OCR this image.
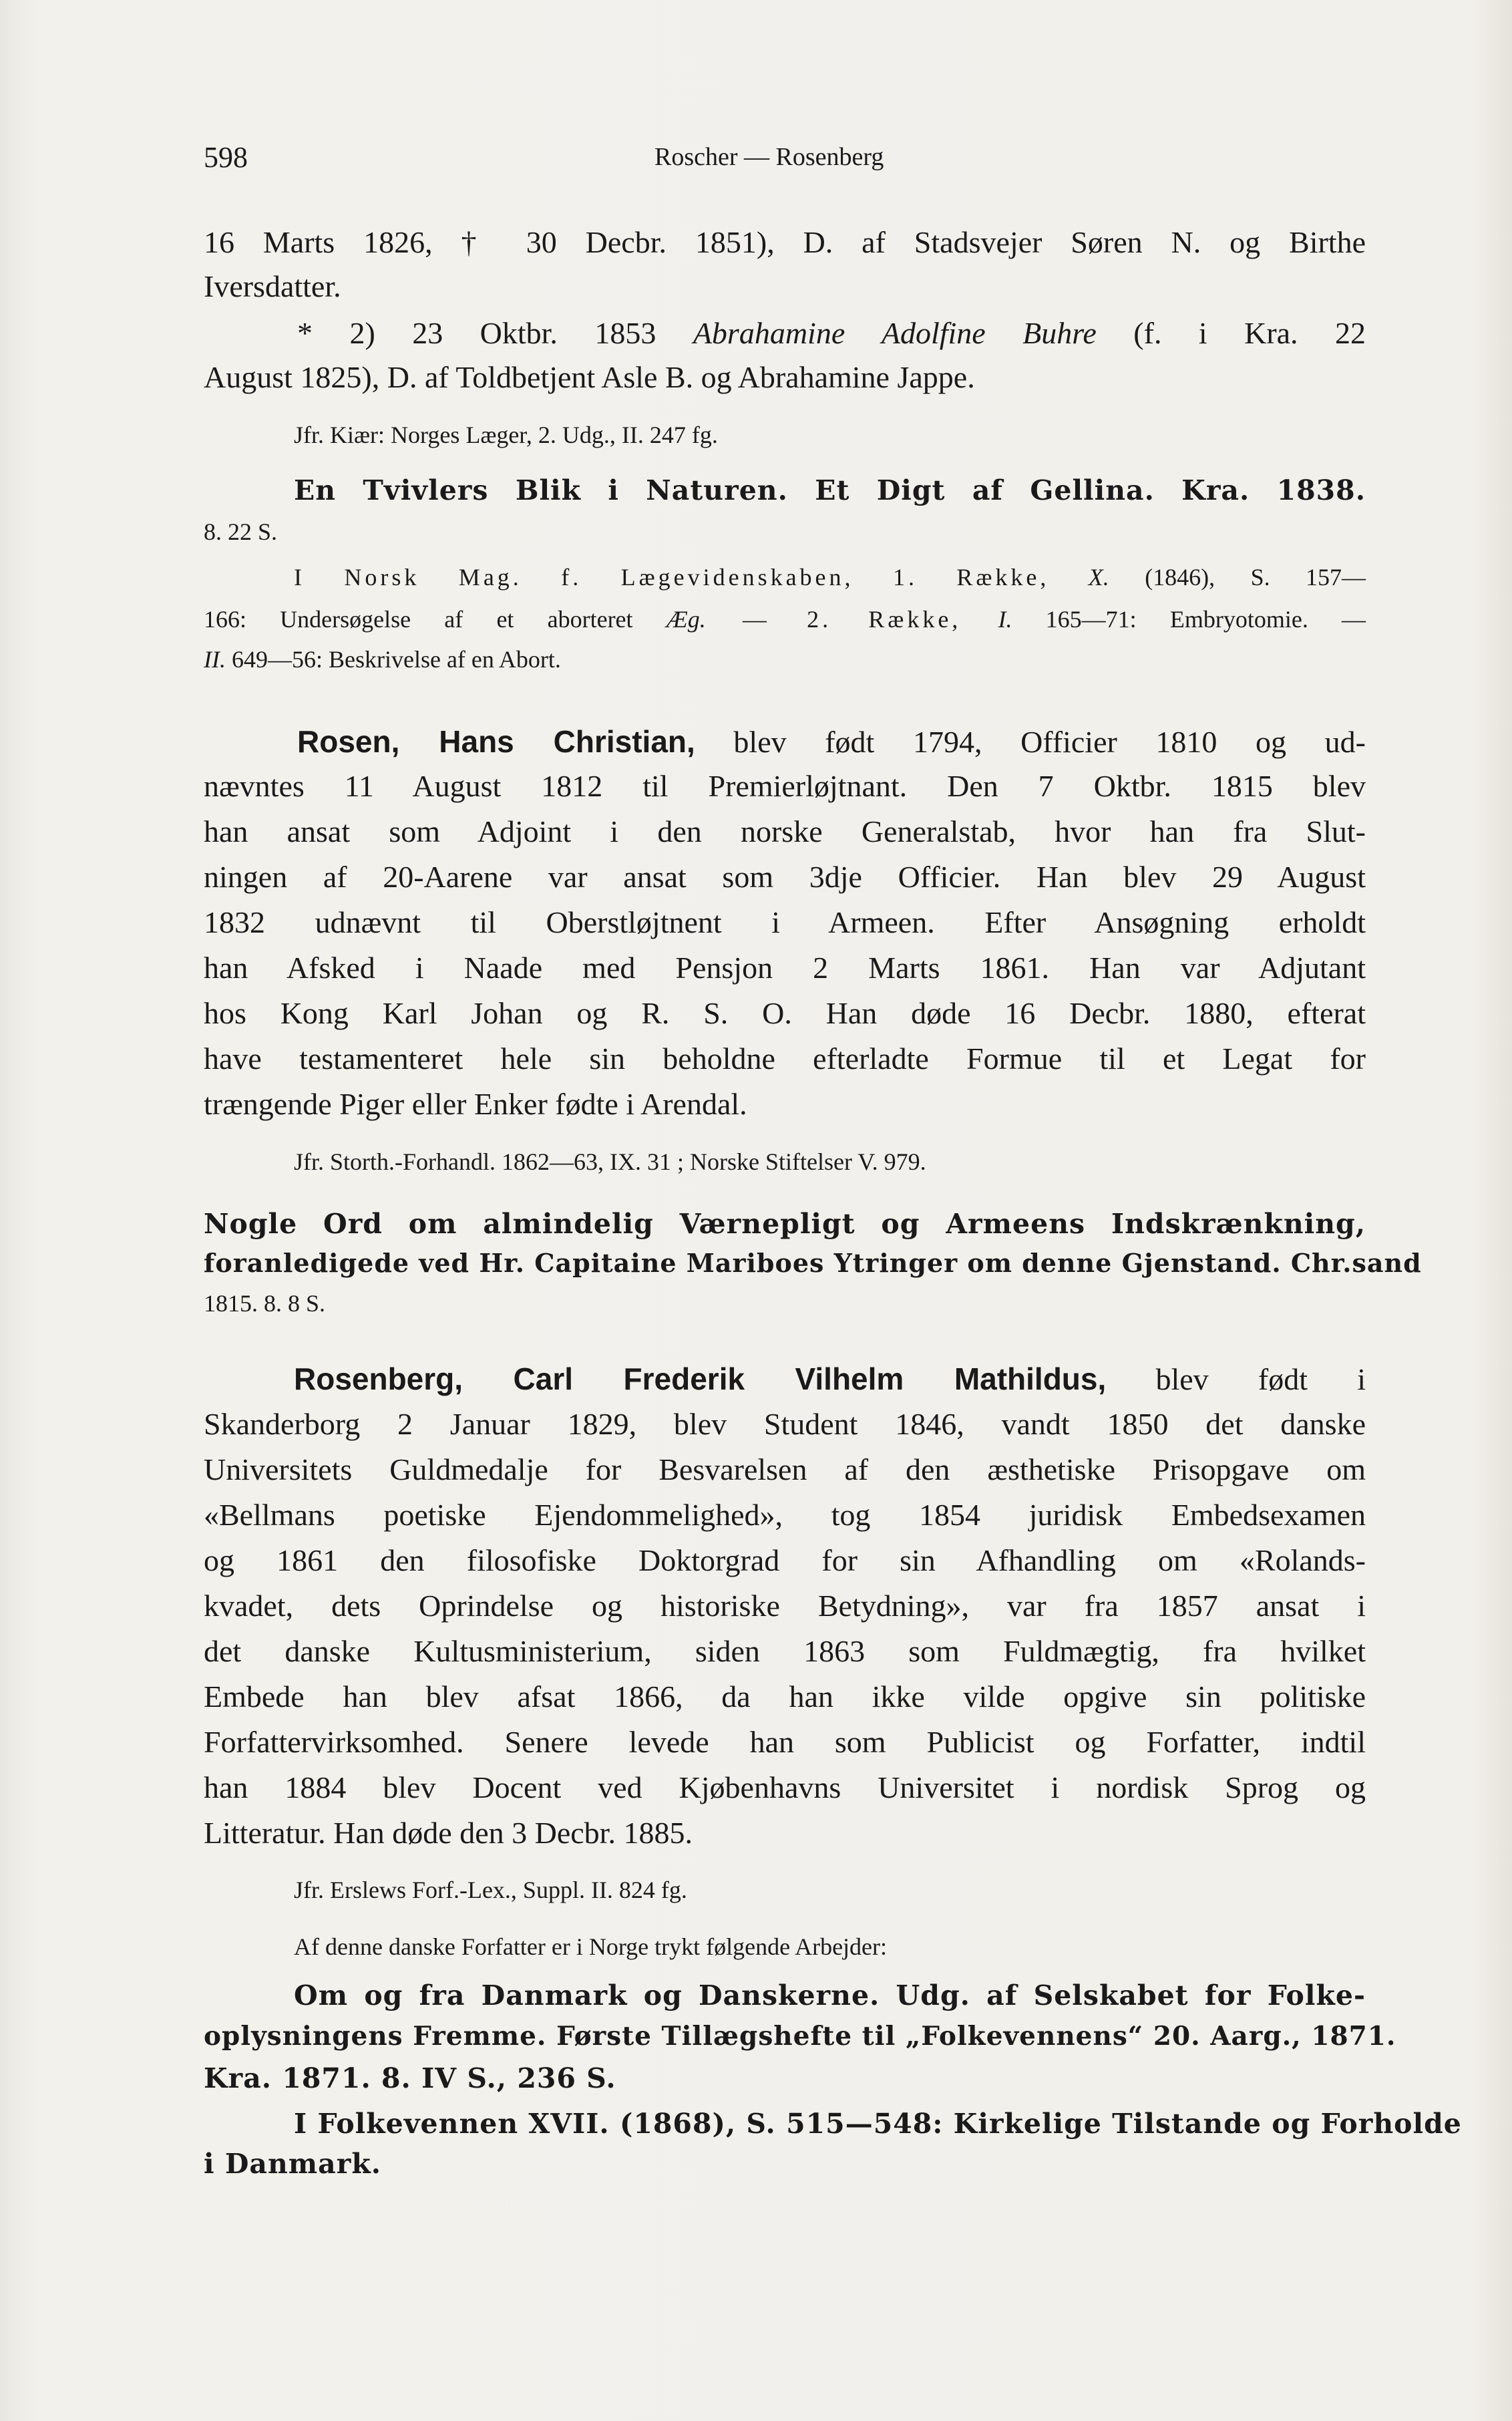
598	Roscher — Rosenberg
16 Marts 1826, † 30 Decbr. 1851), D. af Stadsvejer Søren N. og Birthe
Iversdatter.
* 2) 23 Oktbr. 1853 Abrahamine Adolfine Buhre (f. i Kra. 22
August 1825), D. af Toldbetjent Asle B. og Abrahamine Jappe.
Jfr. Kiær: Norges Læger, 2. Udg., II. 247 fg.
En Tvivlers Blik i Naturen. Et Digt af Gellina. Kra. 1838.
8. 22 S.
I Norsk Mag. f. Lægevidenskaben, 1. Række, X. (1846), S. 157—
166: Undersøgelse af et aborteret Æg. — 2. Række, I. 165—71: Embryotomie. —
II. 649—56: Beskrivelse af en Abort.
Rosen, Hans Christian, blev født 1794, Officier 1810 og ud-
nævntes 11 August 1812 til Premierløjtnant. Den 7 Oktbr. 1815 blev
han ansat som Adjoint i den norske Generalstab, hvor han fra Slut-
ningen af 20-Aarene var ansat som 3dje Officier. Han blev 29 August
1832 udnævnt til Oberstløjtnent i Armeen. Efter Ansøgning erholdt
han Afsked i Naade med Pensjon 2 Marts 1861. Han var Adjutant
hos Kong Karl Johan og R. S. O. Han døde 16 Decbr. 1880, efterat
have testamenteret hele sin beholdne efterladte Formue til et Legat for
trængende Piger eller Enker fødte i Arendal.
Jfr. Storth.-Forhandl. 1862—63, IX. 31 ; Norske Stiftelser V. 979.
Nogle Ord om almindelig Værnepligt og Armeens Indskrænkning,
foranledigede ved Hr. Capitaine Mariboes Ytringer om denne Gjenstand. Chr.sand
1815. 8. 8 S.
Rosenberg, Carl Frederik Vilhelm Mathildus, blev født i
Skanderborg 2 Januar 1829, blev Student 1846, vandt 1850 det danske
Universitets Guldmedalje for Besvarelsen af den æsthetiske Prisopgave om
«Bellmans poetiske Ejendommelighed», tog 1854 juridisk Embedsexamen
og 1861 den filosofiske Doktorgrad for sin Afhandling om «Rolands-
kvadet, dets Oprindelse og historiske Betydning», var fra 1857 ansat i
det danske Kultusministerium, siden 1863 som Fuldmægtig, fra hvilket
Embede han blev afsat 1866, da han ikke vilde opgive sin politiske
Forfattervirksomhed. Senere levede han som Publicist og Forfatter, indtil
han 1884 blev Docent ved Kjøbenhavns Universitet i nordisk Sprog og
Litteratur. Han døde den 3 Decbr. 1885.
Jfr. Erslews Forf.-Lex., Suppl. II. 824 fg.
Af denne danske Forfatter er i Norge trykt følgende Arbejder:
Om og fra Danmark og Danskerne. Udg. af Selskabet for Folke-
oplysningens Fremme. Første Tillægshefte til „Folkevennens“ 20. Aarg., 1871.
Kra. 1871. 8. IV S., 236 S.
I Folkevennen XVII. (1868), S. 515—548: Kirkelige Tilstande og Forholde
i Danmark.
